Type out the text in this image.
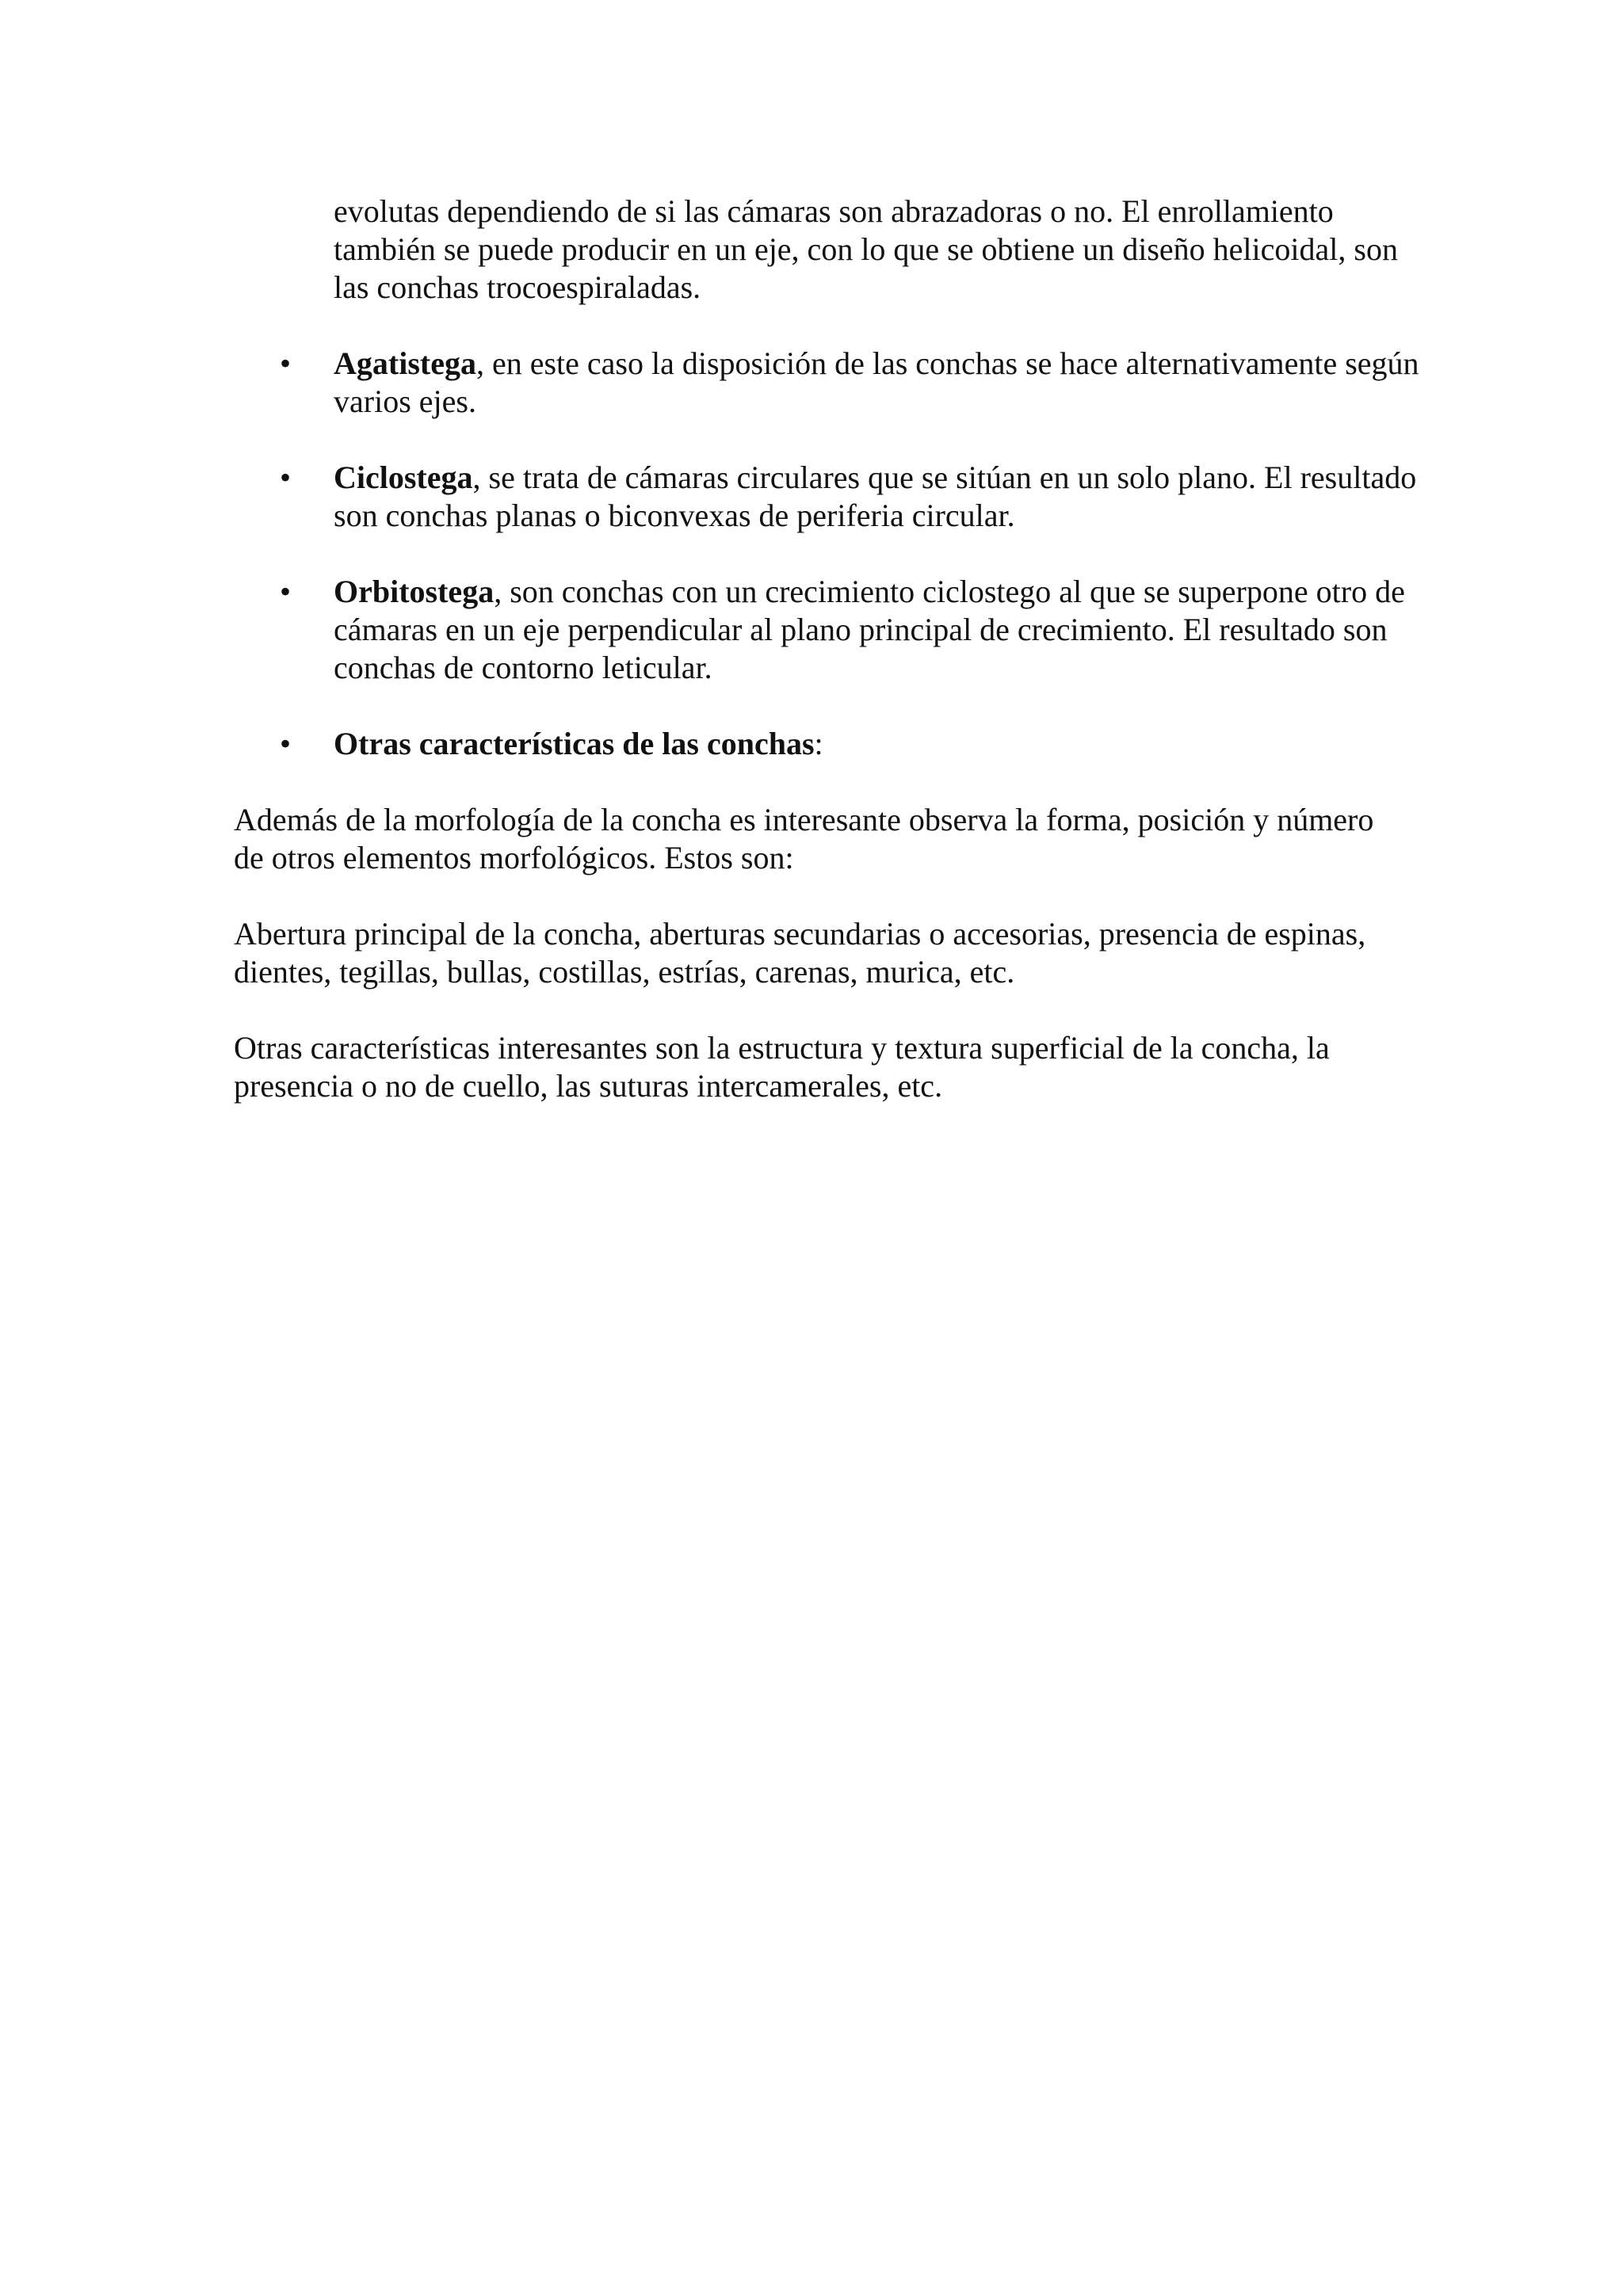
evolutas dependiendo de si las cámaras son abrazadoras o no. El enrollamiento también se puede producir en un eje, con lo que se obtiene un diseño helicoidal, son las conchas trocoespiraladas.
• Agatistega, en este caso la disposición de las conchas se hace alternativamente según varios ejes.
• Ciclostega, se trata de cámaras circulares que se sitúan en un solo plano. El resultado son conchas planas o biconvexas de periferia circular.
• Orbitostega, son conchas con un crecimiento ciclostego al que se superpone otro de cámaras en un eje perpendicular al plano principal de crecimiento. El resultado son conchas de contorno leticular.
• Otras características de las conchas:
Además de la morfología de la concha es interesante observa la forma, posición y número de otros elementos morfológicos. Estos son:
Abertura principal de la concha, aberturas secundarias o accesorias, presencia de espinas, dientes, tegillas, bullas, costillas, estrías, carenas, murica, etc.
Otras características interesantes son la estructura y textura superficial de la concha, la presencia o no de cuello, las suturas intercamerales, etc.
